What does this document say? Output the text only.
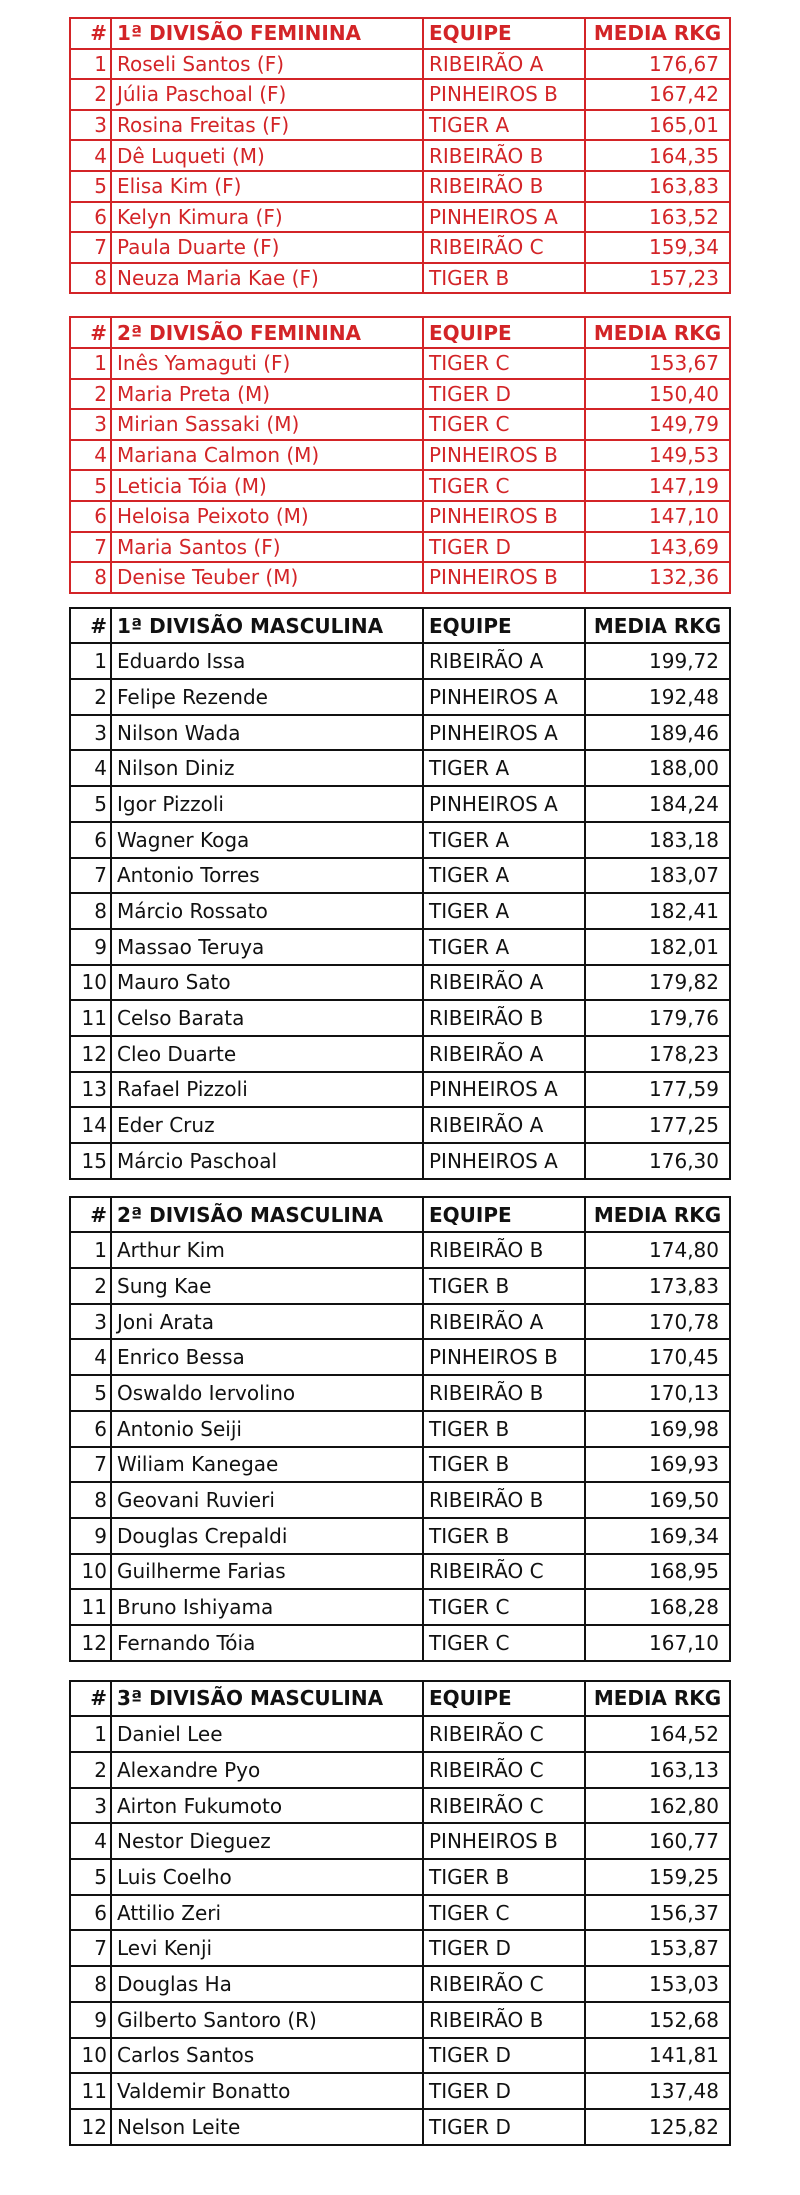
#	1ª DIVISÃO FEMININA	EQUIPE	MEDIA RKG
1	Roseli Santos (F)	RIBEIRÃO A	176,67
2	Júlia Paschoal (F)	PINHEIROS B	167,42
3	Rosina Freitas (F)	TIGER A	165,01
4	Dê Luqueti (M)	RIBEIRÃO B	164,35
5	Elisa Kim (F)	RIBEIRÃO B	163,83
6	Kelyn Kimura (F)	PINHEIROS A	163,52
7	Paula Duarte (F)	RIBEIRÃO C	159,34
8	Neuza Maria Kae (F)	TIGER B	157,23
#	2ª DIVISÃO FEMININA	EQUIPE	MEDIA RKG
1	Inês Yamaguti (F)	TIGER C	153,67
2	Maria Preta (M)	TIGER D	150,40
3	Mirian Sassaki (M)	TIGER C	149,79
4	Mariana Calmon (M)	PINHEIROS B	149,53
5	Leticia Tóia (M)	TIGER C	147,19
6	Heloisa Peixoto (M)	PINHEIROS B	147,10
7	Maria Santos (F)	TIGER D	143,69
8	Denise Teuber (M)	PINHEIROS B	132,36
#	1ª DIVISÃO MASCULINA	EQUIPE	MEDIA RKG
1	Eduardo Issa	RIBEIRÃO A	199,72
2	Felipe Rezende	PINHEIROS A	192,48
3	Nilson Wada	PINHEIROS A	189,46
4	Nilson Diniz	TIGER A	188,00
5	Igor Pizzoli	PINHEIROS A	184,24
6	Wagner Koga	TIGER A	183,18
7	Antonio Torres	TIGER A	183,07
8	Márcio Rossato	TIGER A	182,41
9	Massao Teruya	TIGER A	182,01
10	Mauro Sato	RIBEIRÃO A	179,82
11	Celso Barata	RIBEIRÃO B	179,76
12	Cleo Duarte	RIBEIRÃO A	178,23
13	Rafael Pizzoli	PINHEIROS A	177,59
14	Eder Cruz	RIBEIRÃO A	177,25
15	Márcio Paschoal	PINHEIROS A	176,30
#	2ª DIVISÃO MASCULINA	EQUIPE	MEDIA RKG
1	Arthur Kim	RIBEIRÃO B	174,80
2	Sung Kae	TIGER B	173,83
3	Joni Arata	RIBEIRÃO A	170,78
4	Enrico Bessa	PINHEIROS B	170,45
5	Oswaldo Iervolino	RIBEIRÃO B	170,13
6	Antonio Seiji	TIGER B	169,98
7	Wiliam Kanegae	TIGER B	169,93
8	Geovani Ruvieri	RIBEIRÃO B	169,50
9	Douglas Crepaldi	TIGER B	169,34
10	Guilherme Farias	RIBEIRÃO C	168,95
11	Bruno Ishiyama	TIGER C	168,28
12	Fernando Tóia	TIGER C	167,10
#	3ª DIVISÃO MASCULINA	EQUIPE	MEDIA RKG
1	Daniel Lee	RIBEIRÃO C	164,52
2	Alexandre Pyo	RIBEIRÃO C	163,13
3	Airton Fukumoto	RIBEIRÃO C	162,80
4	Nestor Dieguez	PINHEIROS B	160,77
5	Luis Coelho	TIGER B	159,25
6	Attilio Zeri	TIGER C	156,37
7	Levi Kenji	TIGER D	153,87
8	Douglas Ha	RIBEIRÃO C	153,03
9	Gilberto Santoro (R)	RIBEIRÃO B	152,68
10	Carlos Santos	TIGER D	141,81
11	Valdemir Bonatto	TIGER D	137,48
12	Nelson Leite	TIGER D	125,82
